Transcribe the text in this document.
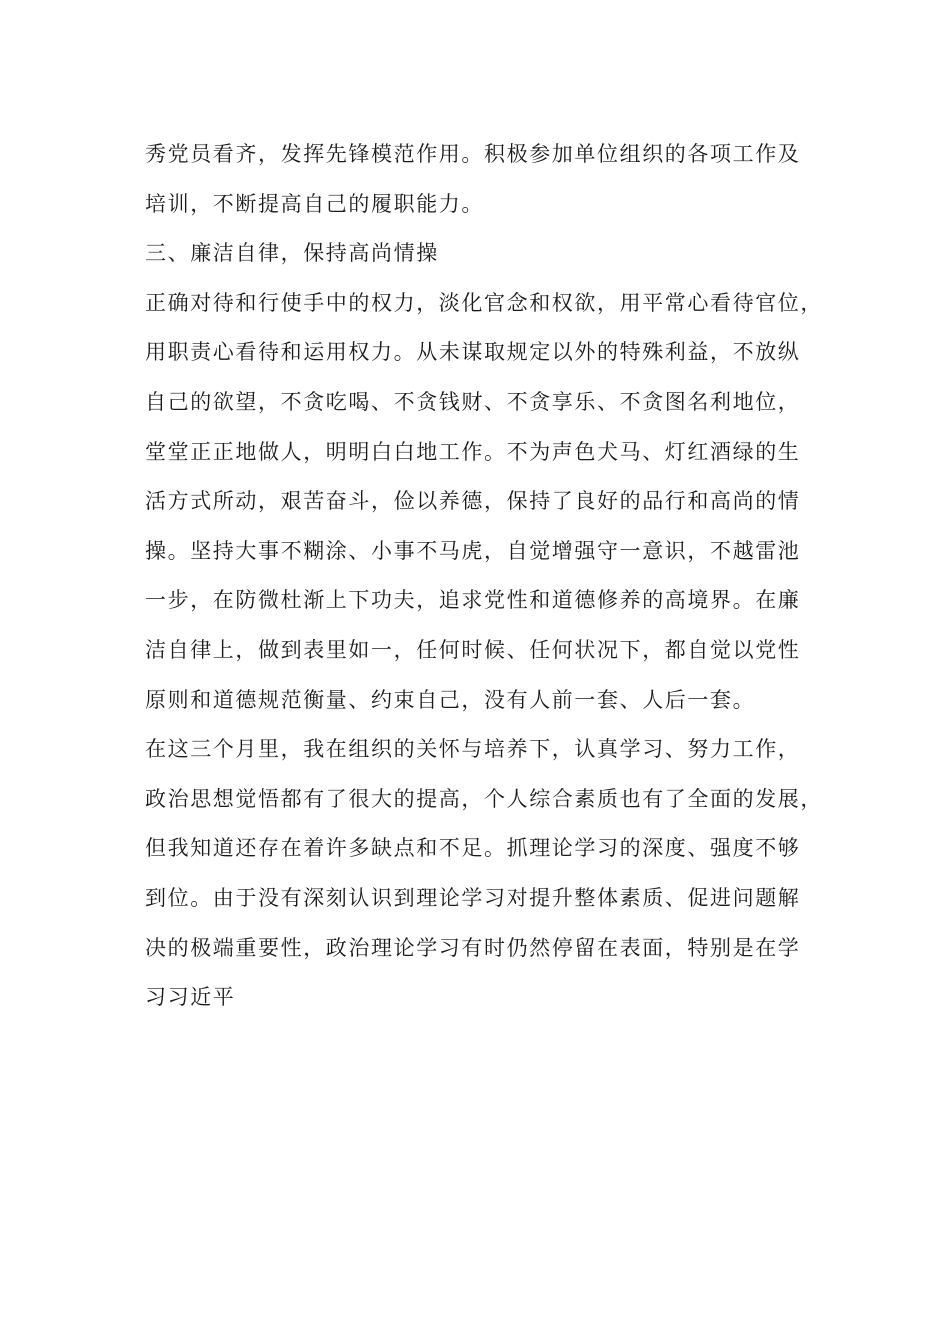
秀党员看齐，发挥先锋模范作用。积极参加单位组织的各项工作及
培训，不断提高自己的履职能力。
三、廉洁自律，保持高尚情操
正确对待和行使手中的权力，淡化官念和权欲，用平常心看待官位，
用职责心看待和运用权力。从未谋取规定以外的特殊利益，不放纵
自己的欲望，不贪吃喝、不贪钱财、不贪享乐、不贪图名利地位，
堂堂正正地做人，明明白白地工作。不为声色犬马、灯红酒绿的生
活方式所动，艰苦奋斗，俭以养德，保持了良好的品行和高尚的情
操。坚持大事不糊涂、小事不马虎，自觉增强守一意识，不越雷池
一步，在防微杜渐上下功夫，追求党性和道德修养的高境界。在廉
洁自律上，做到表里如一，任何时候、任何状况下，都自觉以党性
原则和道德规范衡量、约束自己，没有人前一套、人后一套。
在这三个月里，我在组织的关怀与培养下，认真学习、努力工作，
政治思想觉悟都有了很大的提高，个人综合素质也有了全面的发展，
但我知道还存在着许多缺点和不足。抓理论学习的深度、强度不够
到位。由于没有深刻认识到理论学习对提升整体素质、促进问题解
决的极端重要性，政治理论学习有时仍然停留在表面，特别是在学
习习近平
